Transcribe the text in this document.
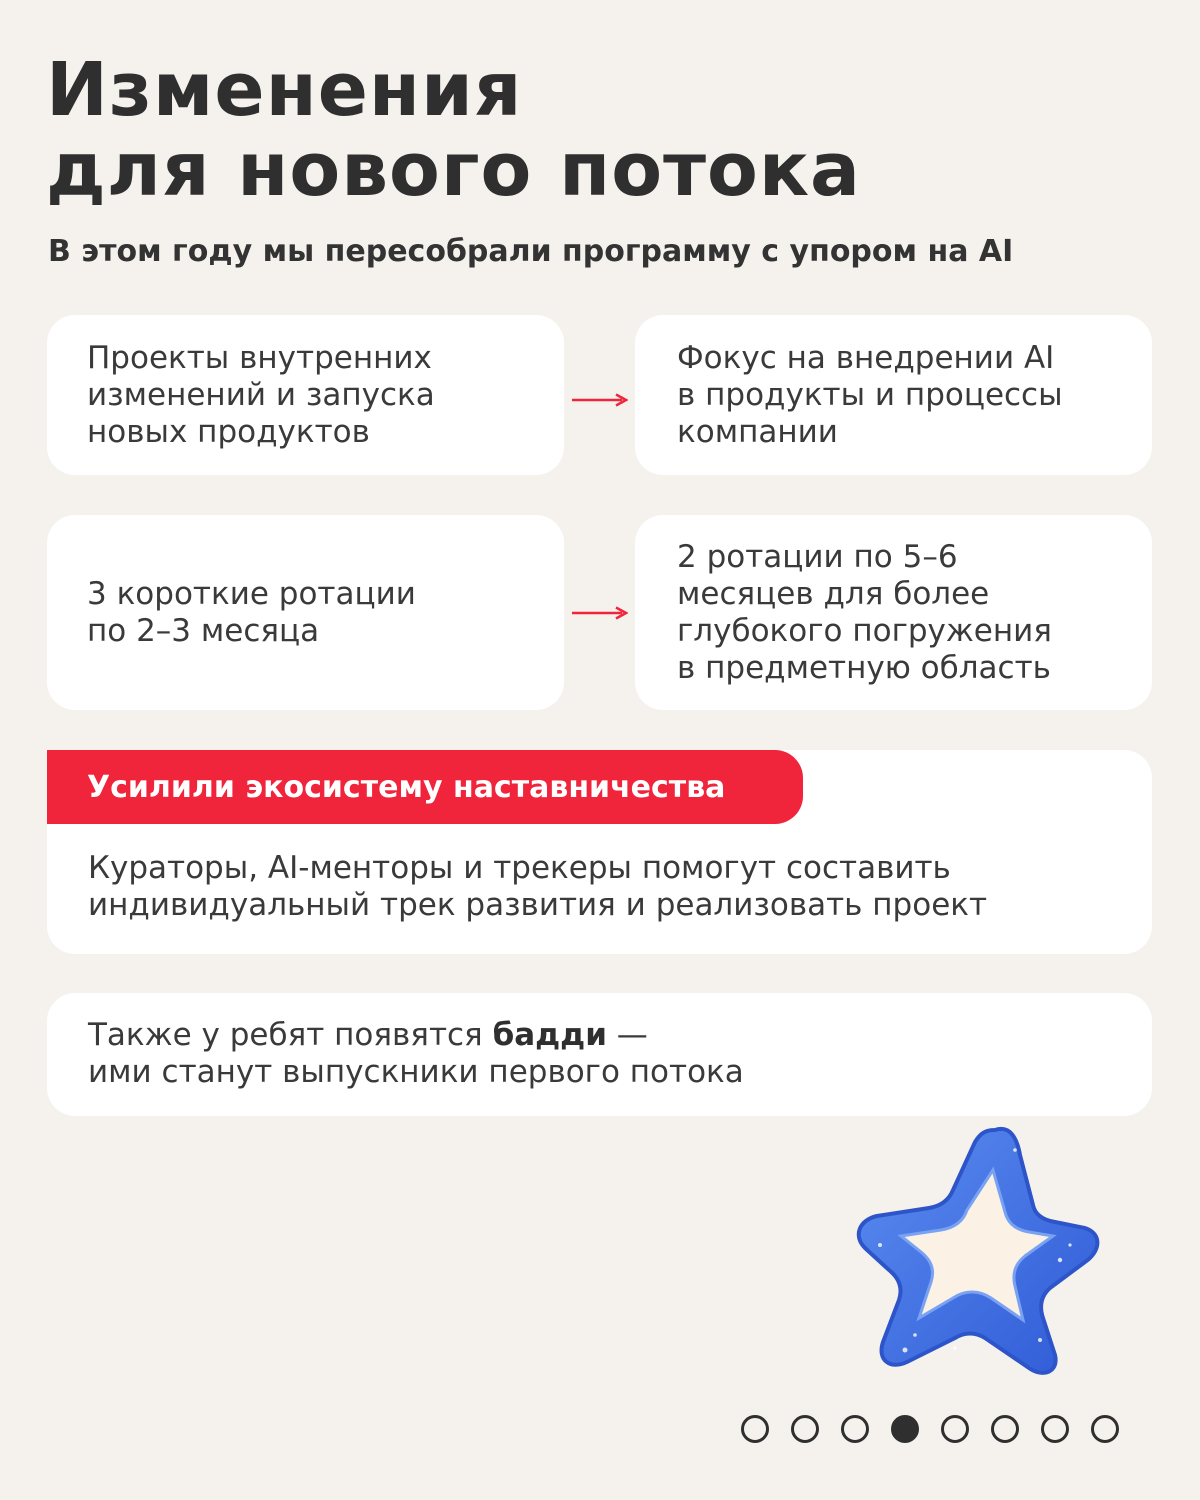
Изменения
для нового потока

В этом году мы пересобрали программу с упором на AI

Проекты внутренних
изменений и запуска
новых продуктов
Фокус на внедрении AI
в продукты и процессы
компании
3 короткие ротации
по 2–3 месяца
2 ротации по 5–6
месяцев для более
глубокого погружения
в предметную область
Усилили экосистему наставничества
Кураторы, AI-менторы и трекеры помогут составить
индивидуальный трек развития и реализовать проект
Также у ребят появятся бадди —
ими станут выпускники первого потока
